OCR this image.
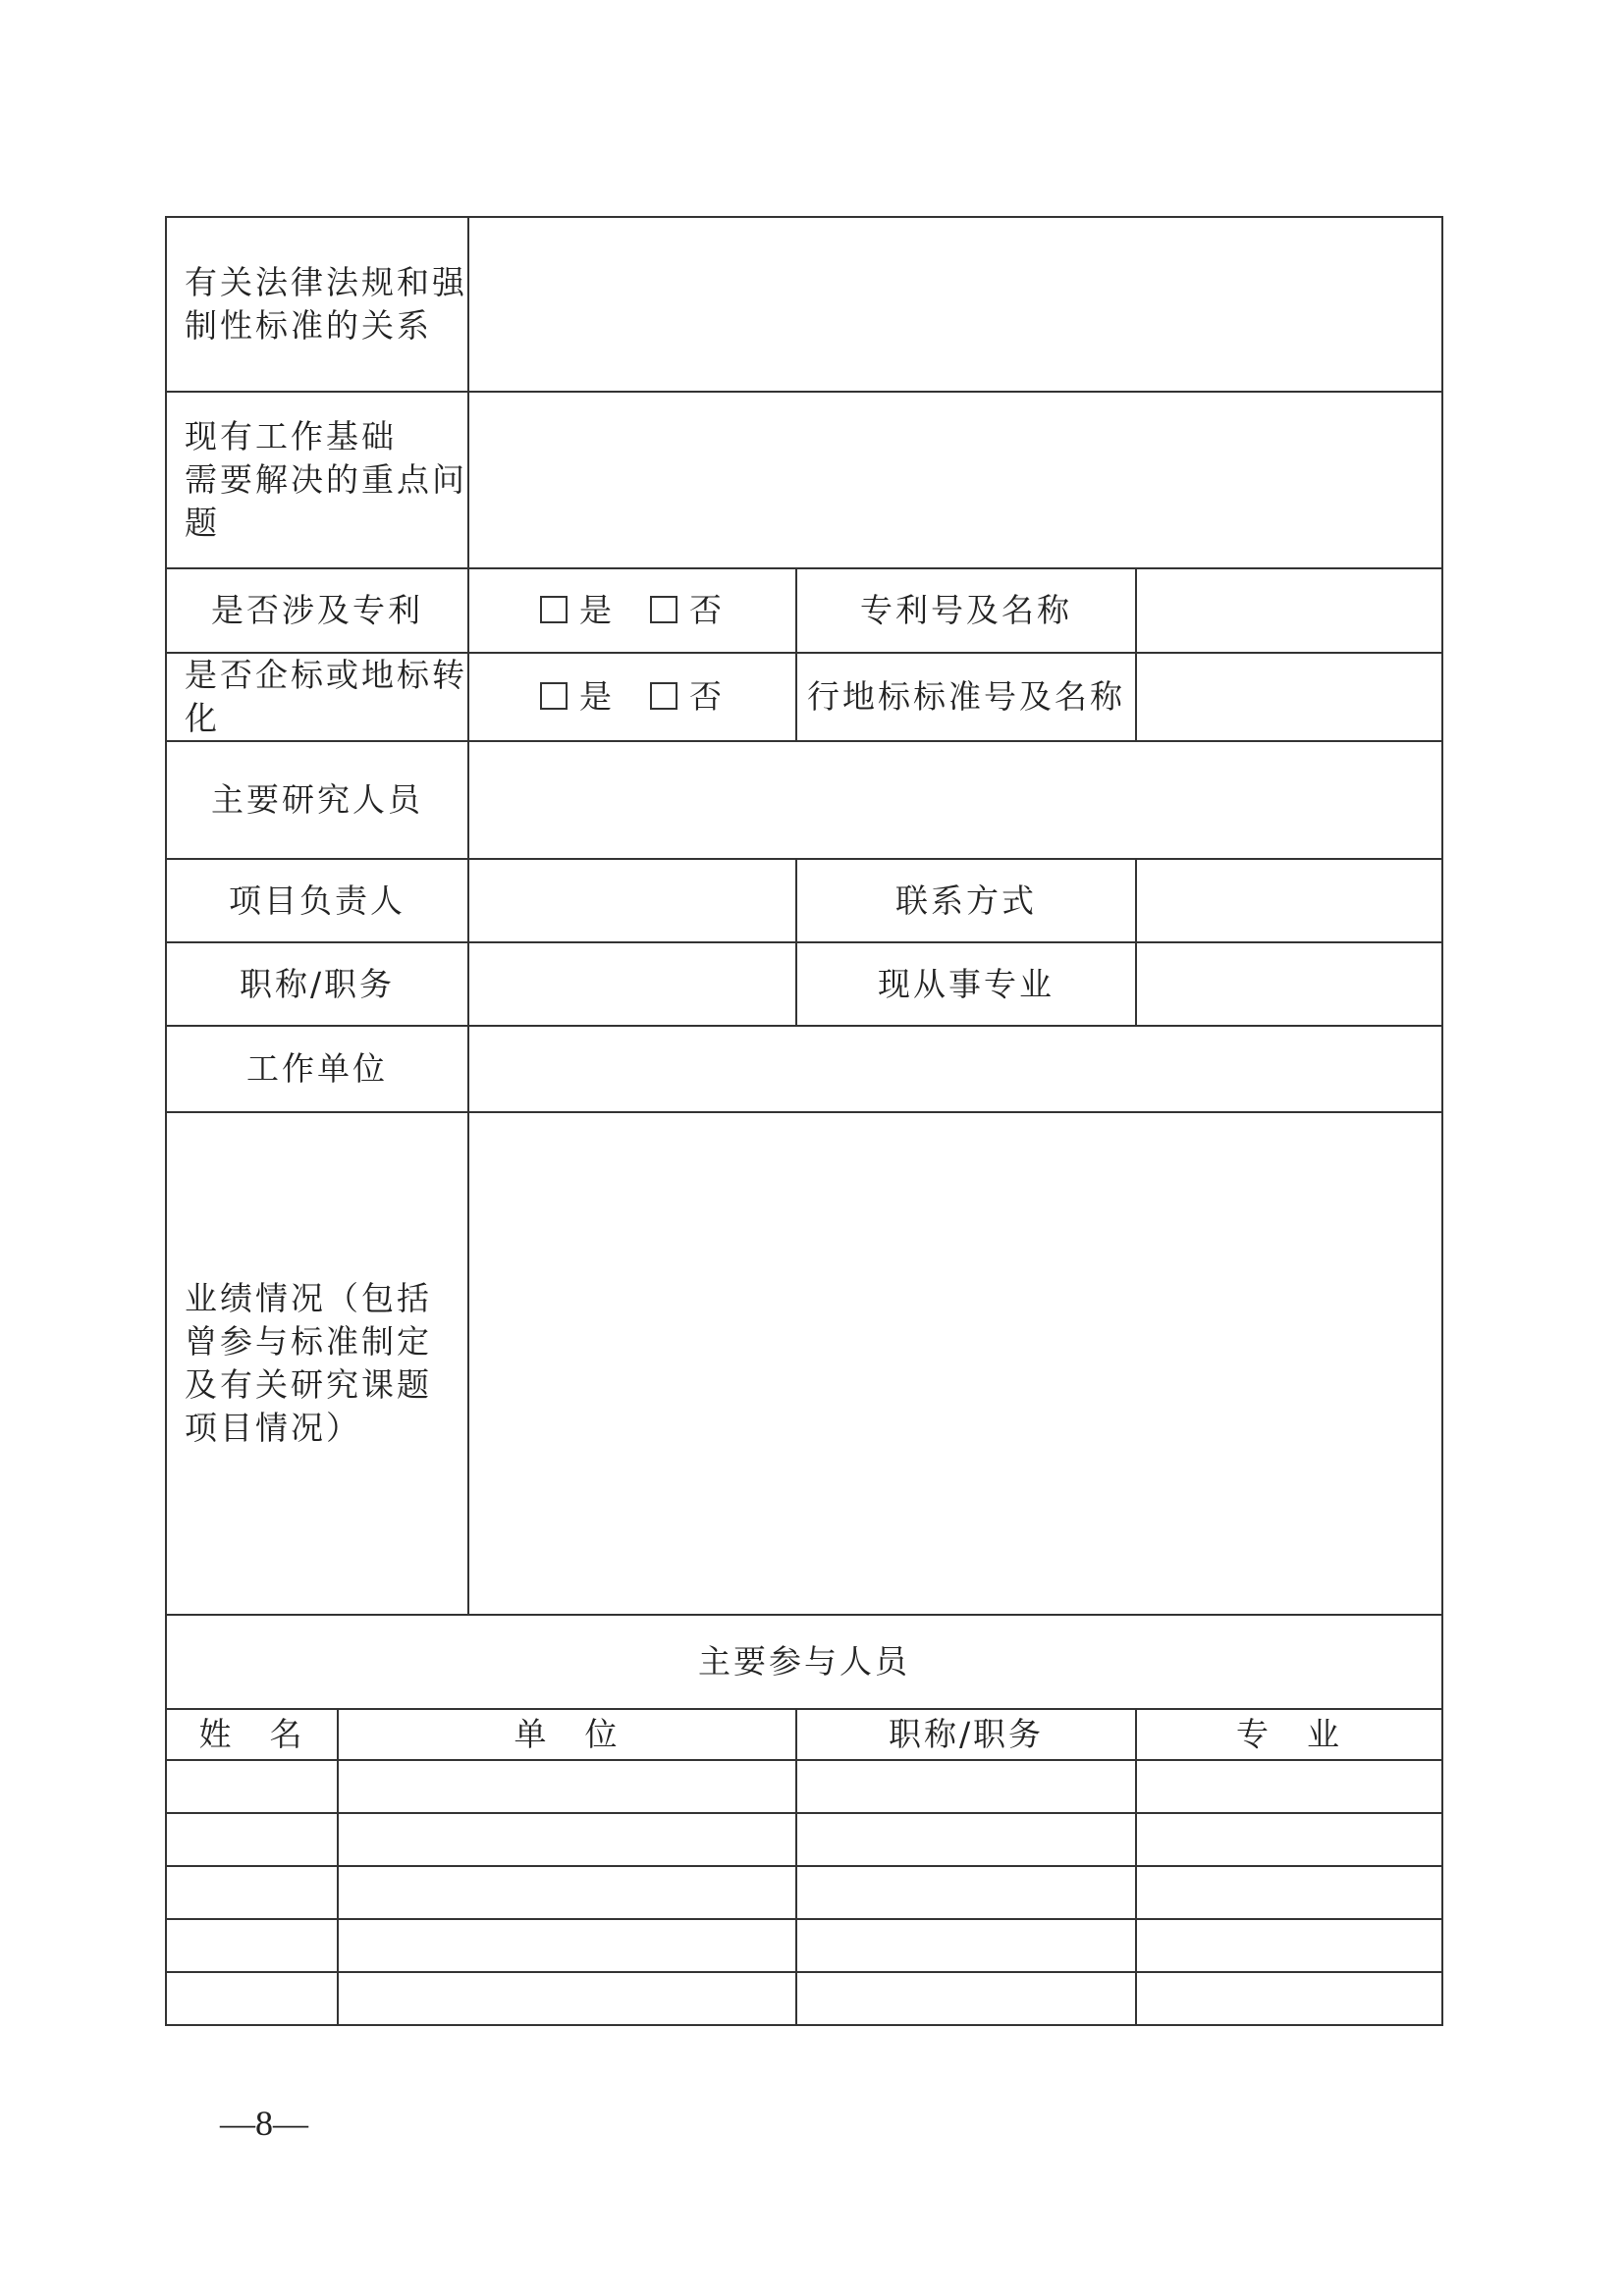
有关法律法规和强制性标准的关系				

现有工作基础
需要解决的重点问题				

是否涉及专利		是 否	专利号及名称	
是否企标或地标转化		是 否	行地标标准号及名称	
主要研究人员				
项目负责人			联系方式	
职称/职务			现从事专业	
工作单位				
业绩情况（包括曾参与标准制定及有关研究课题项目情况）				
主要参与人员				
姓　名	单　位		职称/职务	专　业

—8—
